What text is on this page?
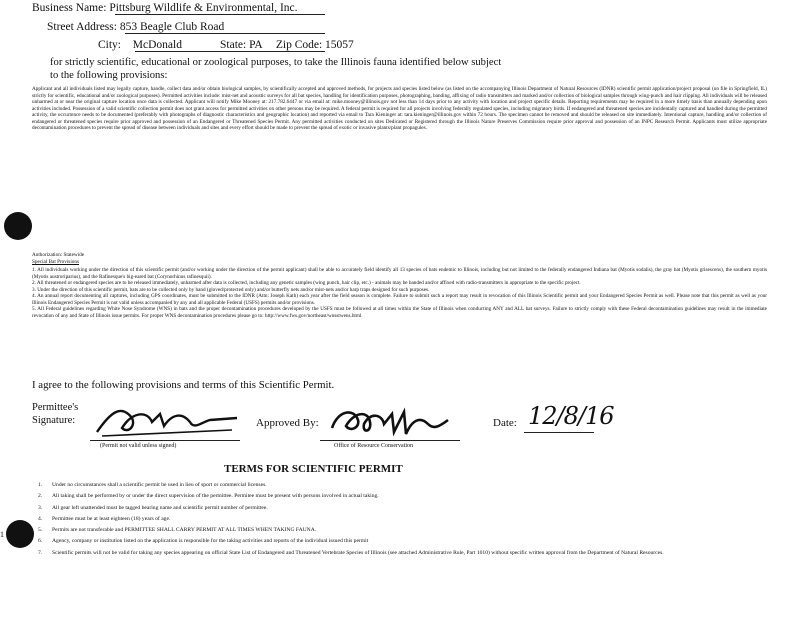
Business Name: Pittsburg Wildlife & Environmental, Inc.
Street Address: 853 Beagle Club Road
City: McDonald	State: PA Zip Code: 15057
for strictly scientific, educational or zoological purposes, to take the Illinois fauna identified below subject
to the following provisions:
Applicant and all individuals listed may legally capture, handle, collect data and/or obtain biological samples, by scientifically accepted and approved methods, for projects and species listed below (as listed on the accompanying Illinois Department of Natural Resources (IDNR) scientific permit application/project proposal (on file in Springfield, IL) strictly for scientific, educational and/or zoological purposes). Permitted activities include: mist-net and acoustic surveys for all bat species, handling for identification purposes, photographing, banding, affixing of radio transmitters and marked and/or collection of biological samples through wing-punch and hair clipping. All individuals will be released unharmed at or near the original capture location once data is collected. Applicant will notify Mike Mooney at: 217.782.6447 or via email at: mike.mooney@illinois.gov not less than 14 days prior to any activity with location and project specific details. Reporting requirements may be required in a more timely basis than annually depending upon activities included. Possession of a valid scientific collection permit does not grant access for permitted activities on other persons may be required. A federal permit is required for all projects involving federally regulated species, including migratory birds. If endangered and threatened species are incidentally captured and handled during the permitted activity, the occurrence needs to be documented (preferably with photographs of diagnostic characteristics and geographic location) and reported via email to Tara Kieninger at: tara.kieninger@illinois.gov within 72 hours. The specimen cannot be removed and should be released on site immediately. Intentional capture, handling and/or collection of endangered or threatened species require prior approved and possession of an Endangered or Threatened Species Permit. Any permitted activities conducted on sites Dedicated or Registered through the Illinois Nature Preserves Commission require prior approval and possession of an INPC Research Permit. Applicants must utilize appropriate decontamination procedures to prevent the spread of disease between individuals and sites and every effort should be made to prevent the spread of exotic or invasive plants/plant propagules.
Authorization: Statewide
Special Bat Provisions
1. All individuals working under the direction of this scientific permit (and/or working under the direction of the permit applicant) shall be able to accurately field identify all 13 species of bats endemic to Illinois, including but not limited to the federally endangered Indiana bat (Myotis sodalis), the gray bat (Myotis grisescens), the southern myotis (Myotis austroriparius), and the Rafinesque's big-eared bat (Corynorhinus rafinesquii).
2. All threatened or endangered species are to be released immediately, unharmed after data is collected, including any genetic samples (wing punch, hair clip, etc.) - animals may be banded and/or affixed with radio-transmitters in appropriate to the specific project.
3. Under the direction of this scientific permit, bats are to be collected only by hand (gloved/protected only) and/or butterfly nets and/or mist-nets and/or harp traps designed for such purposes.
4. An annual report documenting all captures, including GPS coordinates, must be submitted to the IDNR (Attn: Joseph Kath) each year after the field season is complete. Failure to submit such a report may result in revocation of this Illinois Scientific permit and your Endangered Species Permit as well. Please note that this permit as well as your Illinois Endangered Species Permit is not valid unless accompanied by any and all applicable Federal (USFS) permits and/or provisions.
5. All Federal guidelines regarding White Nose Syndrome (WNS) in bats and the proper decontamination procedures developed by the USFS must be followed at all times within the State of Illinois when conducting ANY and ALL bat surveys. Failure to strictly comply with these Federal decontamination guidelines may result in the immediate revocation of any and State of Illinois issue permits. For proper WNS decontamination procedures please go to: http://www.fws.gov/northeast/wnsstwens.html
I agree to the following provisions and terms of this Scientific Permit.
Permittee's
Signature:
(Permit not valid unless signed)
Approved By:
Office of Resource Conservation
Date: 12/8/16
TERMS FOR SCIENTIFIC PERMIT
1. Under no circumstances shall a scientific permit be used in lieu of sport or commercial licenses.
2. All taking shall be performed by or under the direct supervision of the permittee. Permitee must be present with persons involved in actual taking.
3. All gear left unattended must be tagged bearing name and scientific permit number of permittee.
4. Permittee must be at least eighteen (18) years of age.
5. Permits are not transferable and PERMITTEE SHALL CARRY PERMIT AT ALL TIMES WHEN TAKING FAUNA.
6. Agency, company or institution listed on the application is responsible for the taking activities and reports of the individual issued this permit
7. Scientific permits will not be valid for taking any species appearing on official State List of Endangered and Threatened Vertebrate Species of Illinois (see attached Administrative Rule, Part 1010) without specific written approval from the Department of Natural Resources.
1
